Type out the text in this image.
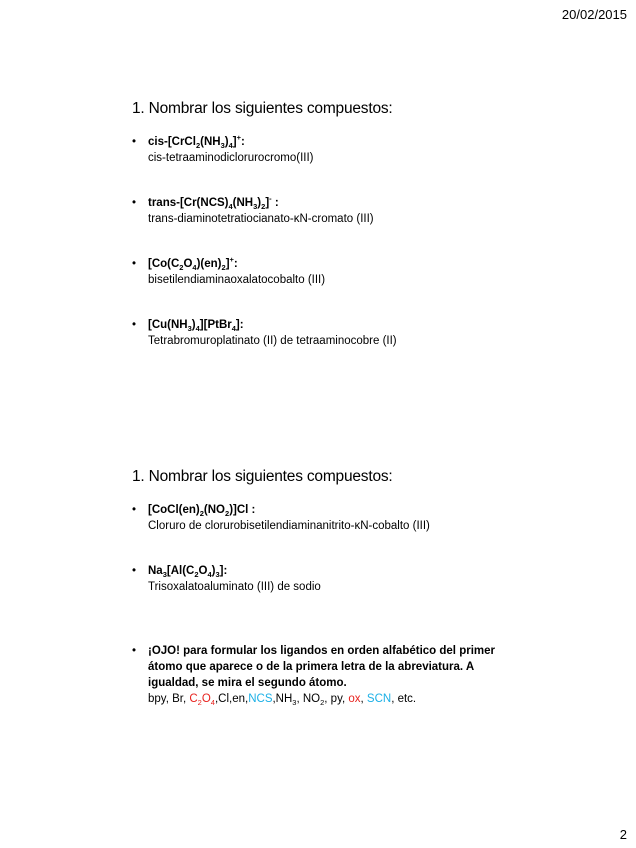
20/02/2015
1. Nombrar los siguientes compuestos:
• cis-$[CrCl_2(NH_3)_4]^+$:
cis-tetraaminodiclorurocromo(III)
• trans-$[Cr(NCS)_4(NH_3)_2]^-$ :
trans-diaminotetratiocianato-κN-cromato (III)
• $[Co(C_2O_4)(en)_2]^+$:
bisetilendiaminaoxalatocobalto (III)
• $[Cu(NH_3)_4][PtBr_4]$:
Tetrabromuroplatinato (II) de tetraaminocobre (II)
1. Nombrar los siguientes compuestos:
• $[CoCl(en)_2(NO_2)]Cl$ :
Cloruro de clorurobisetilendiaminanitrito-κN-cobalto (III)
• $Na_3[Al(C_2O_4)_3]$:
Trisoxalatoaluminato (III) de sodio
• ¡OJO! para formular los ligandos en orden alfabético del primer átomo que aparece o de la primera letra de la abreviatura. A igualdad, se mira el segundo átomo.
bpy, Br, $C_2O_4,Cl,en,NCS,NH_3$, $NO_2$, py, ox, SCN, etc.
2
